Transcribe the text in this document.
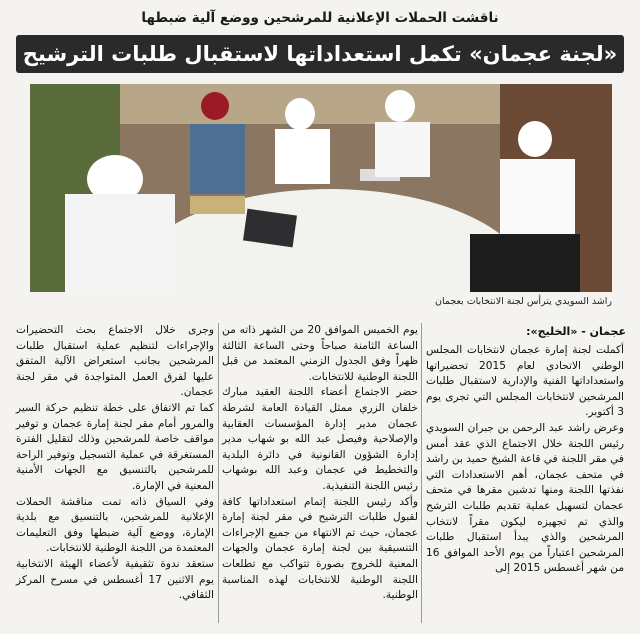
ناقشت الحملات الإعلانية للمرشحين ووضع آلية ضبطها
«لجنة عجمان» تكمل استعداداتها لاستقبال طلبات الترشيح
راشد السويدي يترأس لجنة الانتخابات بعجمان
عجمان - «الخليج»:

أكملت لجنة إمارة عجمان لانتخابات المجلس الوطني الاتحادي لعام 2015 تحضيراتها واستعداداتها الفنية والإدارية لاستقبال طلبات المرشحين لانتخابات المجلس التي تجرى يوم 3 أكتوبر.
وعرض راشد عبد الرحمن بن جبران السويدي رئيس اللجنة خلال الاجتماع الذي عقد أمس في مقر اللجنة في قاعة الشيخ حميد بن راشد في متحف عجمان، أهم الاستعدادات التي نفذتها اللجنة ومنها تدشين مقرها في متحف عجمان لتسهيل عملية تقديم طلبات الترشح والذي تم تجهيزه ليكون مقراً لانتخاب المرشحين والذي يبدأ استقبال طلبات المرشحين اعتباراً من يوم الأحد الموافق 16 من شهر أغسطس 2015 إلى

يوم الخميس الموافق 20 من الشهر ذاته من الساعة الثامنة صباحاً وحتى الساعة الثالثة ظهراً وفق الجدول الزمني المعتمد من قبل اللجنة الوطنية للانتخابات.
حضر الاجتماع أعضاء اللجنة العقيد مبارك خلفان الزري ممثل القيادة العامة لشرطة عجمان مدير إدارة المؤسسات العقابية والإصلاحية وفيصل عبد الله بو شهاب مدير إدارة الشؤون القانونية في دائرة البلدية والتخطيط في عجمان وعبد الله بوشهاب رئيس اللجنة التنفيذية.
وأكد رئيس اللجنة إتمام استعداداتها كافة لقبول طلبات الترشيح في مقر لجنة إمارة عجمان، حيث تم الانتهاء من جميع الإجراءات التنسيقية بين لجنة إمارة عجمان والجهات المعنية للخروج بصورة تتواكب مع تطلعات اللجنة الوطنية للانتخابات لهذه المناسبة الوطنية.

وجرى خلال الاجتماع بحث التحضيرات والإجراءات لتنظيم عملية استقبال طلبات المرشحين بجانب استعراض الآلية المتفق عليها لفرق العمل المتواجدة في مقر لجنة عجمان.
كما تم الاتفاق على خطة تنظيم حركة السير والمرور أمام مقر لجنة إمارة عجمان و توفير مواقف خاصة للمرشحين وذلك لتقليل الفترة المستغرقة في عملية التسجيل وتوفير الراحة للمرشحين بالتنسيق مع الجهات الأمنية المعنية في الإمارة.
وفي السياق ذاته تمت مناقشة الحملات الإعلانية للمرشحين، بالتنسيق مع بلدية الإمارة، ووضع آلية ضبطها وفق التعليمات المعتمدة من اللجنة الوطنية للانتخابات.
ستعقد ندوة تثقيفية لأعضاء الهيئة الانتخابية يوم الاثنين 17 أغسطس في مسرح المركز الثقافي.
